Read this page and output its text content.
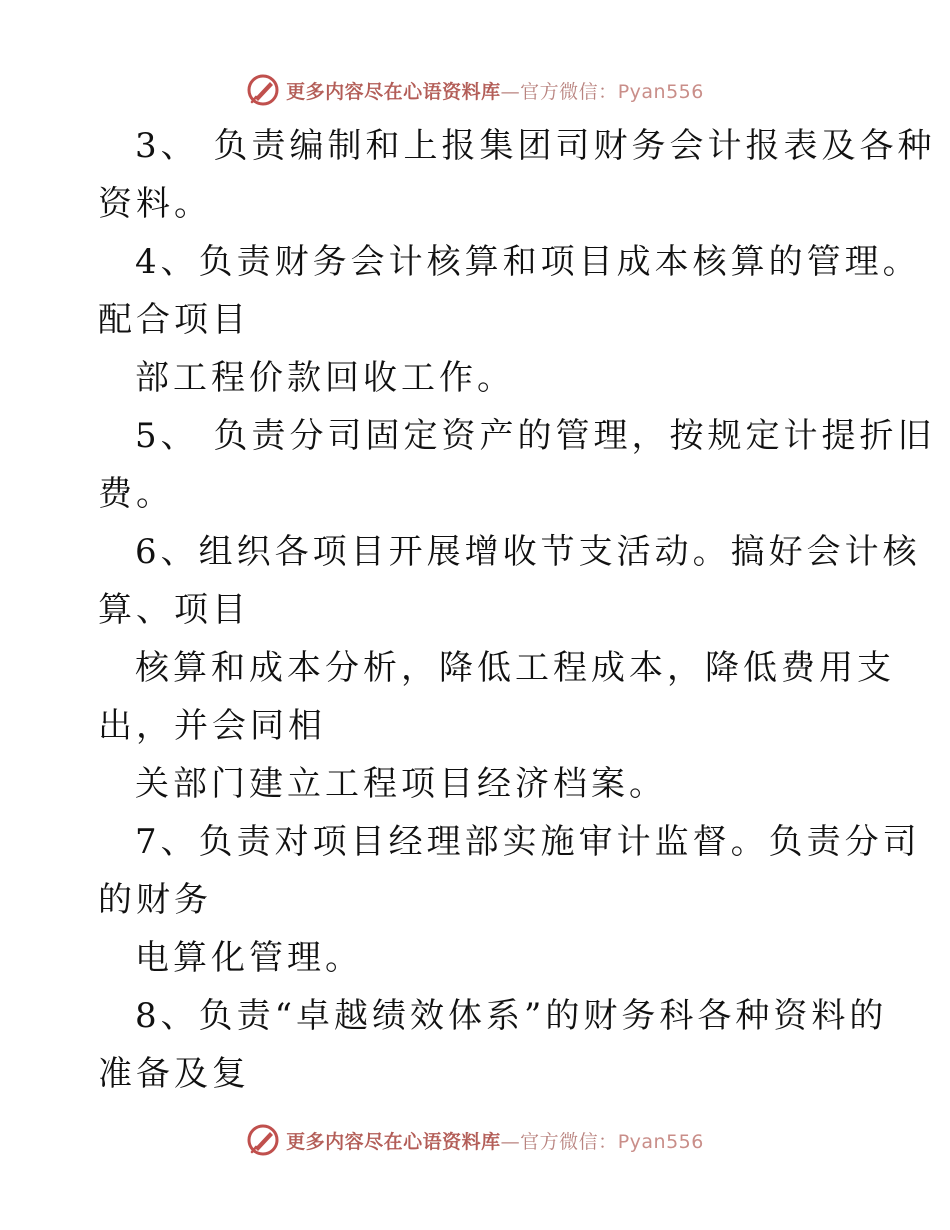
更多内容尽在心语资料库—官方微信：Pyan556
3、 负责编制和上报集团司财务会计报表及各种
资料。
4、负责财务会计核算和项目成本核算的管理。
配合项目
部工程价款回收工作。
5、 负责分司固定资产的管理，按规定计提折旧
费。
6、组织各项目开展增收节支活动。搞好会计核
算、项目
核算和成本分析，降低工程成本，降低费用支
出，并会同相
关部门建立工程项目经济档案。
7、负责对项目经理部实施审计监督。负责分司
的财务
电算化管理。
8、负责“卓越绩效体系”的财务科各种资料的
准备及复
更多内容尽在心语资料库—官方微信：Pyan556
